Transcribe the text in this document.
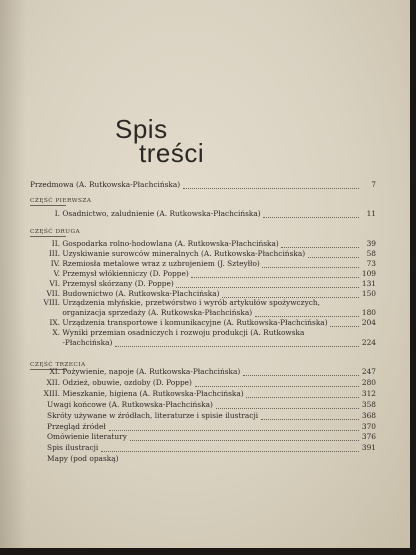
Spis
treści
Przedmowa (A. Rutkowska-Płachcińska)	7
CZĘŚĆ PIERWSZA
I. Osadnictwo, zaludnienie (A. Rutkowska-Płachcińska)	11
CZĘŚĆ DRUGA
II. Gospodarka rolno-hodowlana (A. Rutkowska-Płachcińska)	39
III. Uzyskiwanie surowców mineralnych (A. Rutkowska-Płachcińska)	58
IV. Rzemiosła metalowe wraz z uzbrojeniem (J. Szteyłło)	73
V. Przemysł włókienniczy (D. Poppe)	109
VI. Przemysł skórzany (D. Poppe)	131
VII. Budownictwo (A. Rutkowska-Płachcińska)	150
VIII. Urządzenia młyńskie, przetwórstwo i wyrób artykułów spożywczych,
organizacja sprzedaży (A. Rutkowska-Płachcińska)	180
IX. Urządzenia transportowe i komunikacyjne (A. Rutkowska-Płachcińska)	204
X. Wyniki przemian osadniczych i rozwoju produkcji (A. Rutkowska
-Płachcińska)	224
CZĘŚĆ TRZECIA
XI. Pożywienie, napoje (A. Rutkowska-Płachcińska)	247
XII. Odzież, obuwie, ozdoby (D. Poppe)	280
XIII. Mieszkanie, higiena (A. Rutkowska-Płachcińska)	312
Uwagi końcowe (A. Rutkowska-Płachcińska)	358
Skróty używane w źródłach, literaturze i spisie ilustracji	368
Przegląd źródeł	370
Omówienie literatury	376
Spis ilustracji	391
Mapy (pod opaską)
